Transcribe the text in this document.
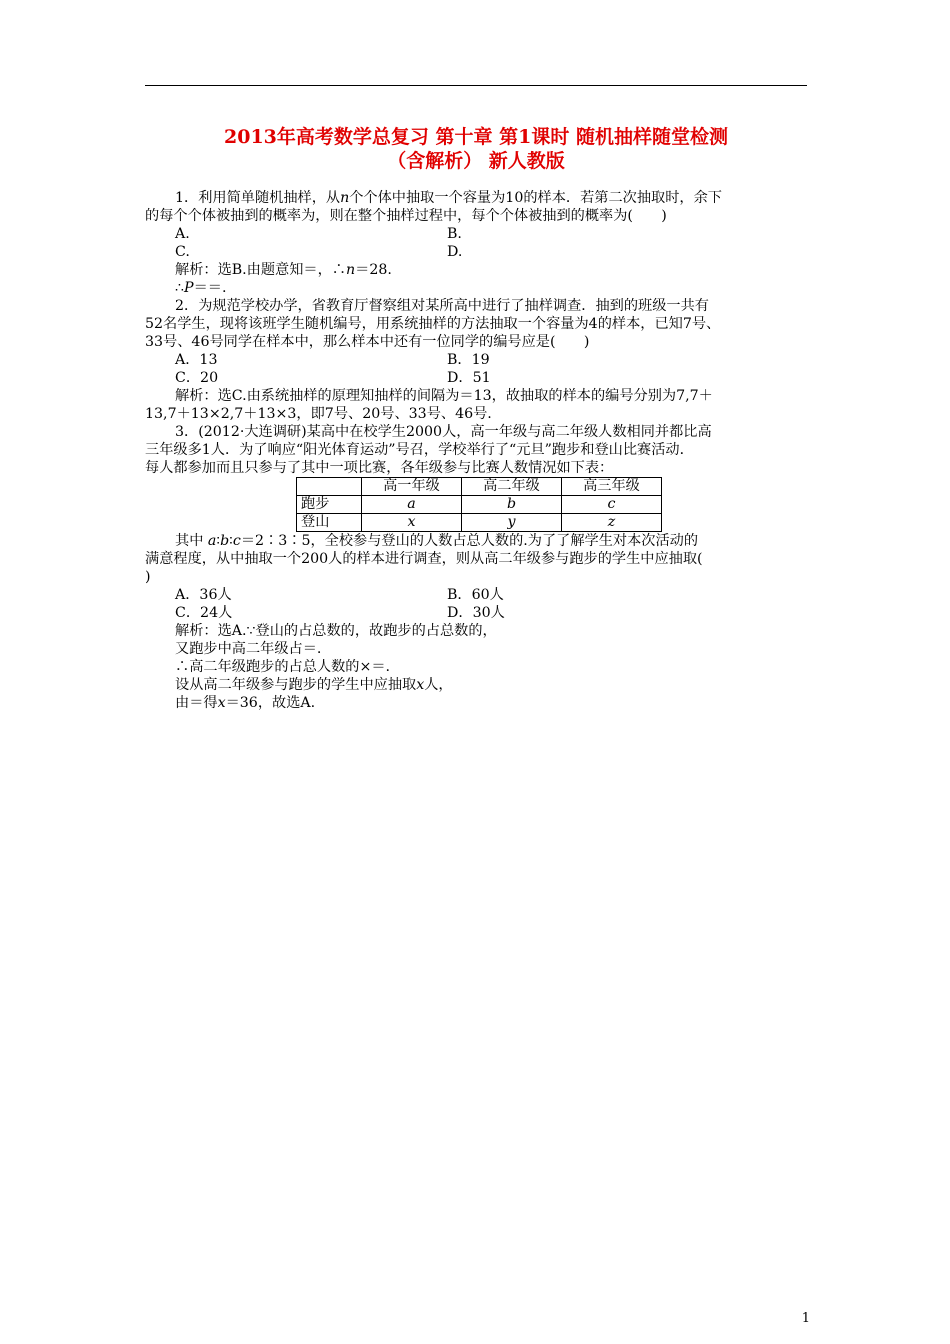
2013年高考数学总复习 第十章 第1课时 随机抽样随堂检测
（含解析） 新人教版

1．利用简单随机抽样，从n个个体中抽取一个容量为10的样本．若第二次抽取时，余下

的每个个体被抽到的概率为，则在整个抽样过程中，每个个体被抽到的概率为(　　)

A.	B.
C.	D.

解析：选B.由题意知＝，∴n＝28.

∴P＝＝.

2．为规范学校办学，省教育厅督察组对某所高中进行了抽样调查．抽到的班级一共有

52名学生，现将该班学生随机编号，用系统抽样的方法抽取一个容量为4的样本，已知7号、

33号、46号同学在样本中，那么样本中还有一位同学的编号应是(　　)

A．13	B．19
C．20	D．51

解析：选C.由系统抽样的原理知抽样的间隔为＝13，故抽取的样本的编号分别为7,7＋

13,7＋13×2,7＋13×3，即7号、20号、33号、46号.

3．(2012·大连调研)某高中在校学生2000人，高一年级与高二年级人数相同并都比高

三年级多1人．为了响应“阳光体育运动”号召，学校举行了“元旦”跑步和登山比赛活动．

每人都参加而且只参与了其中一项比赛，各年级参与比赛人数情况如下表：

	高一年级	高二年级	高三年级
跑步	a	b	c
登山	x	y	z

其中 a∶b∶c＝2∶3∶5，全校参与登山的人数占总人数的.为了了解学生对本次活动的

满意程度，从中抽取一个200人的样本进行调查，则从高二年级参与跑步的学生中应抽取(

)

A．36人	B．60人
C．24人	D．30人

解析：选A.∵登山的占总数的，故跑步的占总数的，

又跑步中高二年级占＝.

∴高二年级跑步的占总人数的×＝.

设从高二年级参与跑步的学生中应抽取x人，

由＝得x＝36，故选A.

1
